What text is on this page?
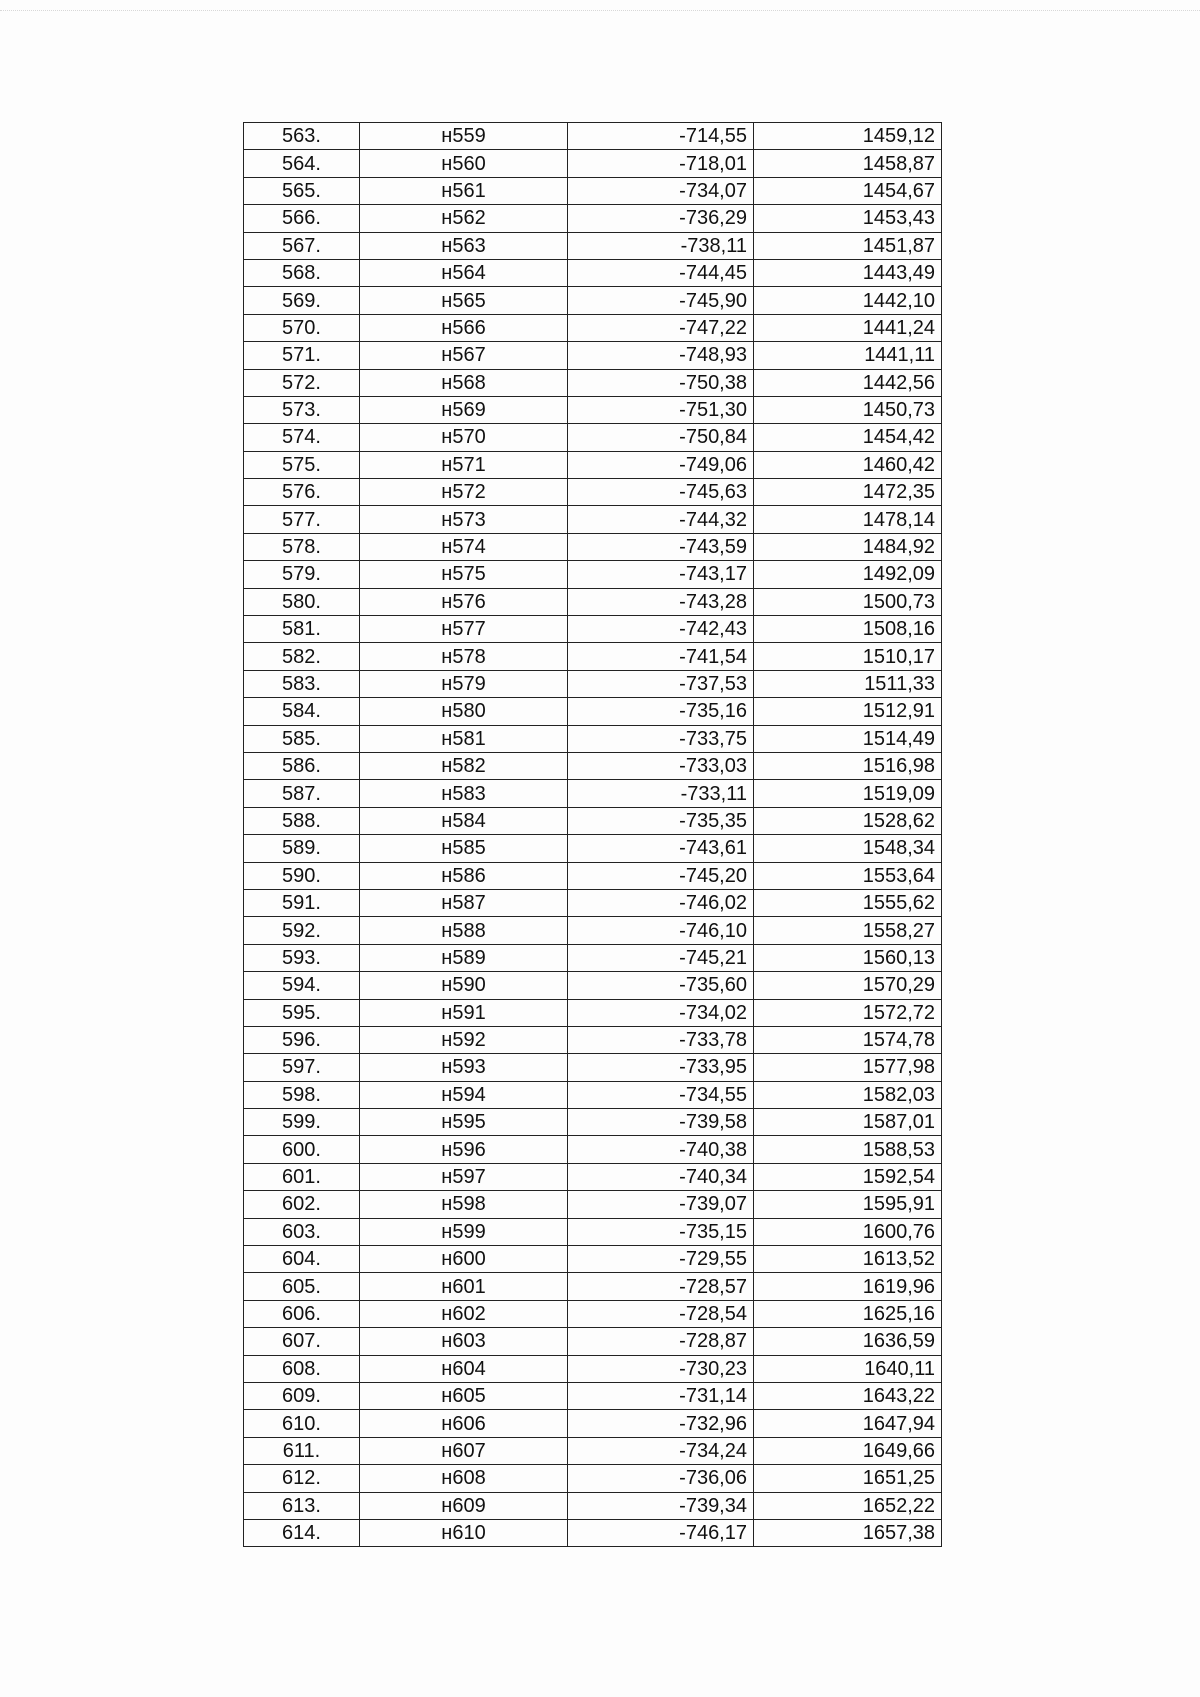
563.	н559	-714,55	1459,12
564.	н560	-718,01	1458,87
565.	н561	-734,07	1454,67
566.	н562	-736,29	1453,43
567.	н563	-738,11	1451,87
568.	н564	-744,45	1443,49
569.	н565	-745,90	1442,10
570.	н566	-747,22	1441,24
571.	н567	-748,93	1441,11
572.	н568	-750,38	1442,56
573.	н569	-751,30	1450,73
574.	н570	-750,84	1454,42
575.	н571	-749,06	1460,42
576.	н572	-745,63	1472,35
577.	н573	-744,32	1478,14
578.	н574	-743,59	1484,92
579.	н575	-743,17	1492,09
580.	н576	-743,28	1500,73
581.	н577	-742,43	1508,16
582.	н578	-741,54	1510,17
583.	н579	-737,53	1511,33
584.	н580	-735,16	1512,91
585.	н581	-733,75	1514,49
586.	н582	-733,03	1516,98
587.	н583	-733,11	1519,09
588.	н584	-735,35	1528,62
589.	н585	-743,61	1548,34
590.	н586	-745,20	1553,64
591.	н587	-746,02	1555,62
592.	н588	-746,10	1558,27
593.	н589	-745,21	1560,13
594.	н590	-735,60	1570,29
595.	н591	-734,02	1572,72
596.	н592	-733,78	1574,78
597.	н593	-733,95	1577,98
598.	н594	-734,55	1582,03
599.	н595	-739,58	1587,01
600.	н596	-740,38	1588,53
601.	н597	-740,34	1592,54
602.	н598	-739,07	1595,91
603.	н599	-735,15	1600,76
604.	н600	-729,55	1613,52
605.	н601	-728,57	1619,96
606.	н602	-728,54	1625,16
607.	н603	-728,87	1636,59
608.	н604	-730,23	1640,11
609.	н605	-731,14	1643,22
610.	н606	-732,96	1647,94
611.	н607	-734,24	1649,66
612.	н608	-736,06	1651,25
613.	н609	-739,34	1652,22
614.	н610	-746,17	1657,38
